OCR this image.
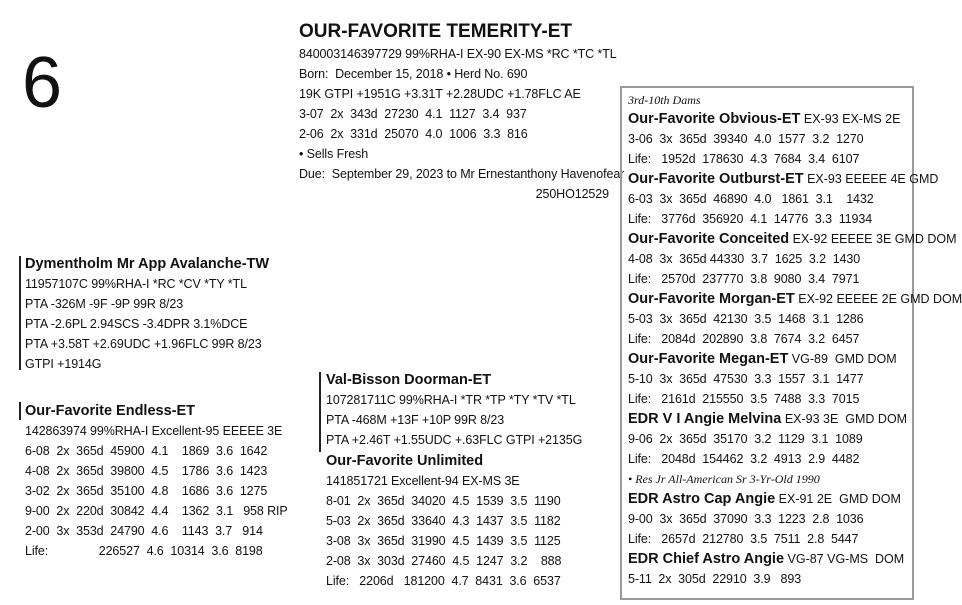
6
OUR-FAVORITE TEMERITY-ET
840003146397729 99%RHA-I EX-90 EX-MS *RC *TC *TL
Born:  December 15, 2018 • Herd No. 690
19K GTPI +1951G +3.31T +2.28UDC +1.78FLC AE
3-07  2x  343d  27230  4.1  1127  3.4  937
2-06  2x  331d  25070  4.0  1006  3.3  816
• Sells Fresh
Due:  September 29, 2023 to Mr Ernestanthony Havenofear
250HO12529
Dymentholm Mr App Avalanche-TW
11957107C 99%RHA-I *RC *CV *TY *TL
PTA -326M -9F -9P 99R 8/23
PTA -2.6PL 2.94SCS -3.4DPR 3.1%DCE
PTA +3.58T +2.69UDC +1.96FLC 99R 8/23
GTPI +1914G
Our-Favorite Endless-ET
142863974 99%RHA-I Excellent-95 EEEEE 3E
6-08  2x  365d  45900  4.1    1869  3.6  1642
4-08  2x  365d  39800  4.5    1786  3.6  1423
3-02  2x  365d  35100  4.8    1686  3.6  1275
9-00  2x  220d  30842  4.4    1362  3.1   958 RIP
2-00  3x  353d  24790  4.6    1143  3.7   914
Life:               226527  4.6  10314  3.6  8198
Val-Bisson Doorman-ET
107281711C 99%RHA-I *TR *TP *TY *TV *TL
PTA -468M +13F +10P 99R 8/23
PTA +2.46T +1.55UDC +.63FLC GTPI +2135G
Our-Favorite Unlimited
141851721 Excellent-94 EX-MS 3E
8-01  2x  365d  34020  4.5  1539  3.5  1190
5-03  2x  365d  33640  4.3  1437  3.5  1182
3-08  3x  365d  31990  4.5  1439  3.5  1125
2-08  3x  303d  27460  4.5  1247  3.2    888
Life:   2206d   181200  4.7  8431  3.6  6537
3rd-10th Dams
Our-Favorite Obvious-ET EX-93 EX-MS 2E
3-06  3x  365d  39340  4.0  1577  3.2  1270
Life:   1952d  178630  4.3  7684  3.4  6107
Our-Favorite Outburst-ET EX-93 EEEEE 4E GMD
6-03  3x  365d  46890  4.0   1861  3.1    1432
Life:   3776d  356920  4.1  14776  3.3  11934
Our-Favorite Conceited EX-92 EEEEE 3E GMD DOM
4-08  3x  365d 44330  3.7  1625  3.2  1430
Life:   2570d  237770  3.8  9080  3.4  7971
Our-Favorite Morgan-ET EX-92 EEEEE 2E GMD DOM
5-03  3x  365d  42130  3.5  1468  3.1  1286
Life:   2084d  202890  3.8  7674  3.2  6457
Our-Favorite Megan-ET VG-89  GMD DOM
5-10  3x  365d  47530  3.3  1557  3.1  1477
Life:   2161d  215550  3.5  7488  3.3  7015
EDR V I Angie Melvina EX-93 3E  GMD DOM
9-06  2x  365d  35170  3.2  1129  3.1  1089
Life:   2048d  154462  3.2  4913  2.9  4482
• Res Jr All-American Sr 3-Yr-Old 1990
EDR Astro Cap Angie EX-91 2E  GMD DOM
9-00  3x  365d  37090  3.3  1223  2.8  1036
Life:   2657d  212780  3.5  7511  2.8  5447
EDR Chief Astro Angie VG-87 VG-MS  DOM
5-11  2x  305d  22910  3.9   893
